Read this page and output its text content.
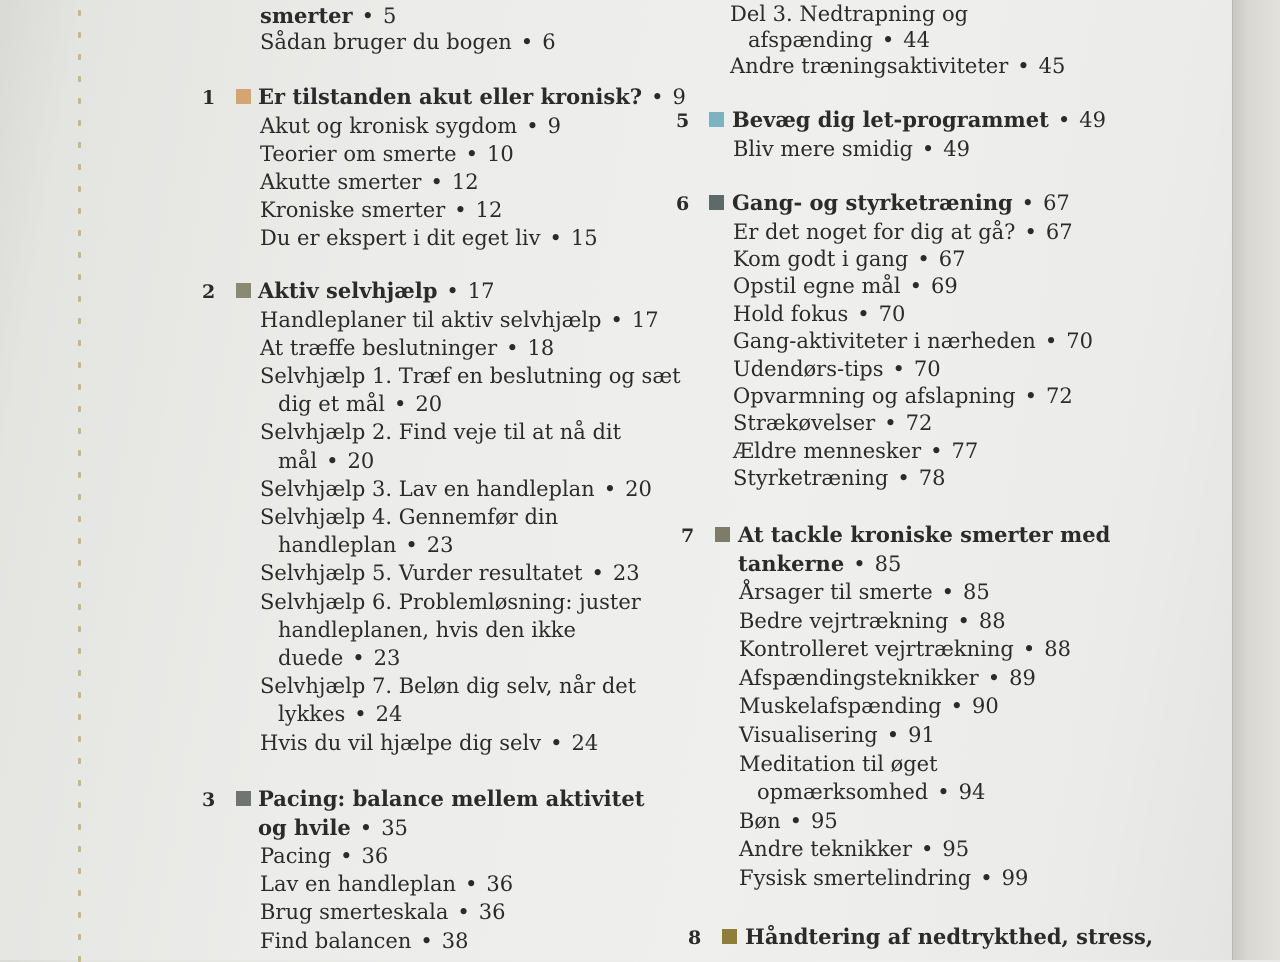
smerter • 5
Sådan bruger du bogen • 6
1 Er tilstanden akut eller kronisk? • 9
Akut og kronisk sygdom • 9
Teorier om smerte • 10
Akutte smerter • 12
Kroniske smerter • 12
Du er ekspert i dit eget liv • 15
2 Aktiv selvhjælp • 17
Handleplaner til aktiv selvhjælp • 17
At træffe beslutninger • 18
Selvhjælp 1. Træf en beslutning og sæt
dig et mål • 20
Selvhjælp 2. Find veje til at nå dit
mål • 20
Selvhjælp 3. Lav en handleplan • 20
Selvhjælp 4. Gennemfør din
handleplan • 23
Selvhjælp 5. Vurder resultatet • 23
Selvhjælp 6. Problemløsning: juster
handleplanen, hvis den ikke
duede • 23
Selvhjælp 7. Beløn dig selv, når det
lykkes • 24
Hvis du vil hjælpe dig selv • 24
3 Pacing: balance mellem aktivitet
og hvile • 35
Pacing • 36
Lav en handleplan • 36
Brug smerteskala • 36
Find balancen • 38
Del 3. Nedtrapning og
afspænding • 44
Andre træningsaktiviteter • 45
5 Bevæg dig let-programmet • 49
Bliv mere smidig • 49
6 Gang- og styrketræning • 67
Er det noget for dig at gå? • 67
Kom godt i gang • 67
Opstil egne mål • 69
Hold fokus • 70
Gang-aktiviteter i nærheden • 70
Udendørs-tips • 70
Opvarmning og afslapning • 72
Strækøvelser • 72
Ældre mennesker • 77
Styrketræning • 78
7 At tackle kroniske smerter med
tankerne • 85
Årsager til smerte • 85
Bedre vejrtrækning • 88
Kontrolleret vejrtrækning • 88
Afspændingsteknikker • 89
Muskelafspænding • 90
Visualisering • 91
Meditation til øget
opmærksomhed • 94
Bøn • 95
Andre teknikker • 95
Fysisk smertelindring • 99
8 Håndtering af nedtrykthed, stress,
